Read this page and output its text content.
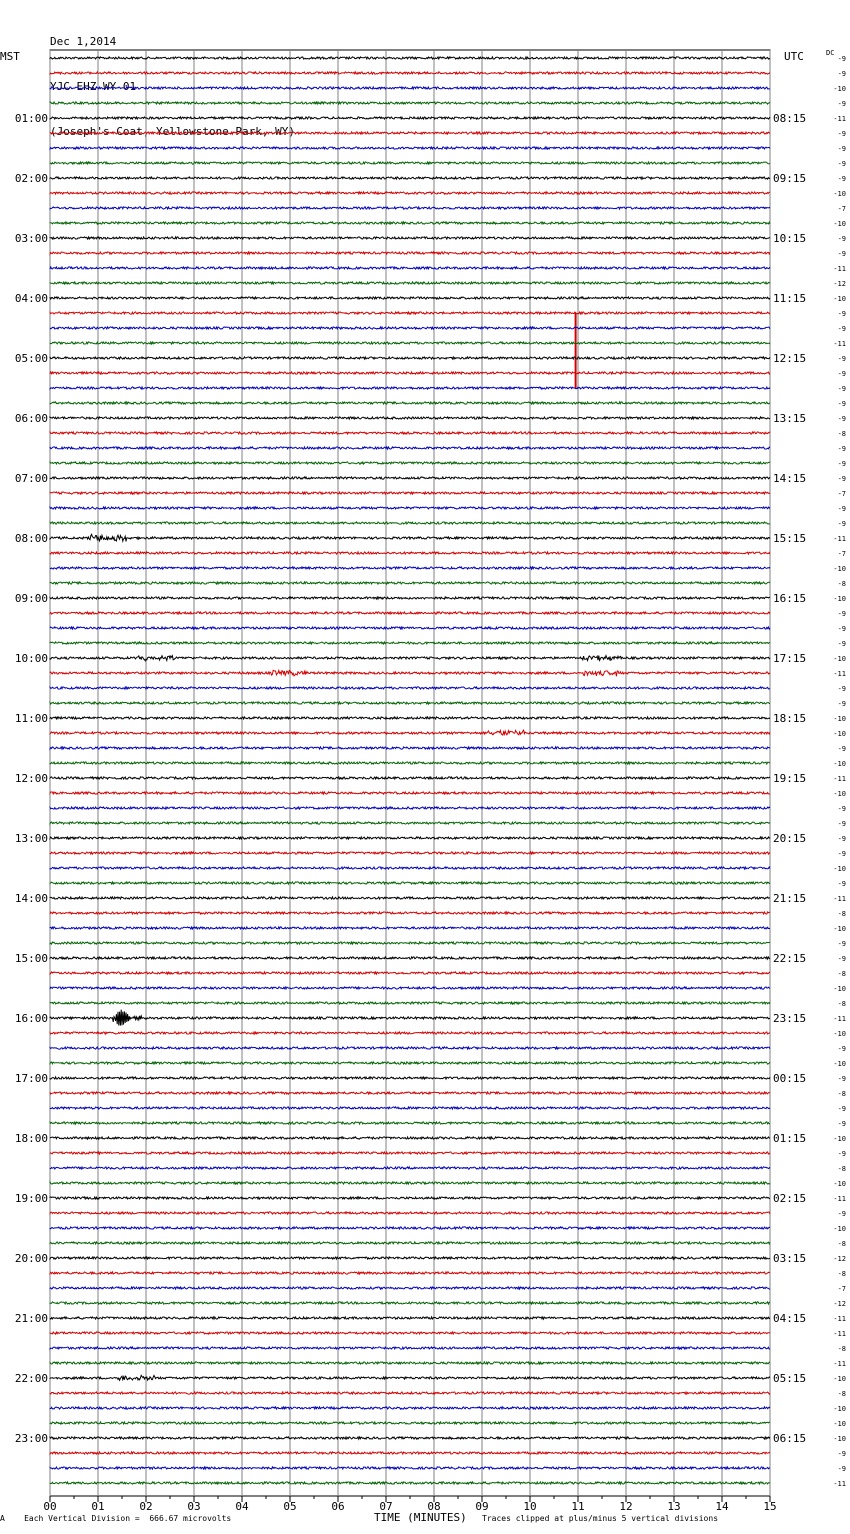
Dec 1,2014

YJC EHZ WY 01

(Joseph's Coat, Yellowstone Park, WY)

MST	UTC	DC
00	01	02	03	04	05	06	07	08	09	10	11	12	13	14	15
-9
-9
-10
-9
-11
-9
-9
-9
-9
-10
-7
-10
-9
-9
-11
-12
-10
-9
-9
-11
-9
-9
-9
-9
-9
-8
-9
-9
-9
-7
-9
-9
-11
-7
-10
-8
-10
-9
-9
-9
-10
-11
-9
-9
-10
-10
-9
-10
-11
-10
-9
-9
-9
-9
-10
-9
-11
-8
-10
-9
-9
-8
-10
-8
-11
-10
-9
-10
-9
-8
-9
-9
-10
-9
-8
-10
-11
-9
-10
-8
-12
-8
-7
-12
-11
-11
-8
-11
-10
-8
-10
-10
-10
-9
-9
-11
01:00	08:15
02:00	09:15
03:00	10:15
04:00	11:15
05:00	12:15
06:00	13:15
07:00	14:15
08:00	15:15
09:00	16:15
10:00	17:15
11:00	18:15
12:00	19:15
13:00	20:15
14:00	21:15
15:00	22:15
16:00	23:15
17:00	00:15
18:00	01:15
19:00	02:15
20:00	03:15
21:00	04:15
22:00	05:15
23:00	06:15
A Each Vertical Division =  666.67 microvolts	TIME (MINUTES) Traces clipped at plus/minus 5 vertical divisions
